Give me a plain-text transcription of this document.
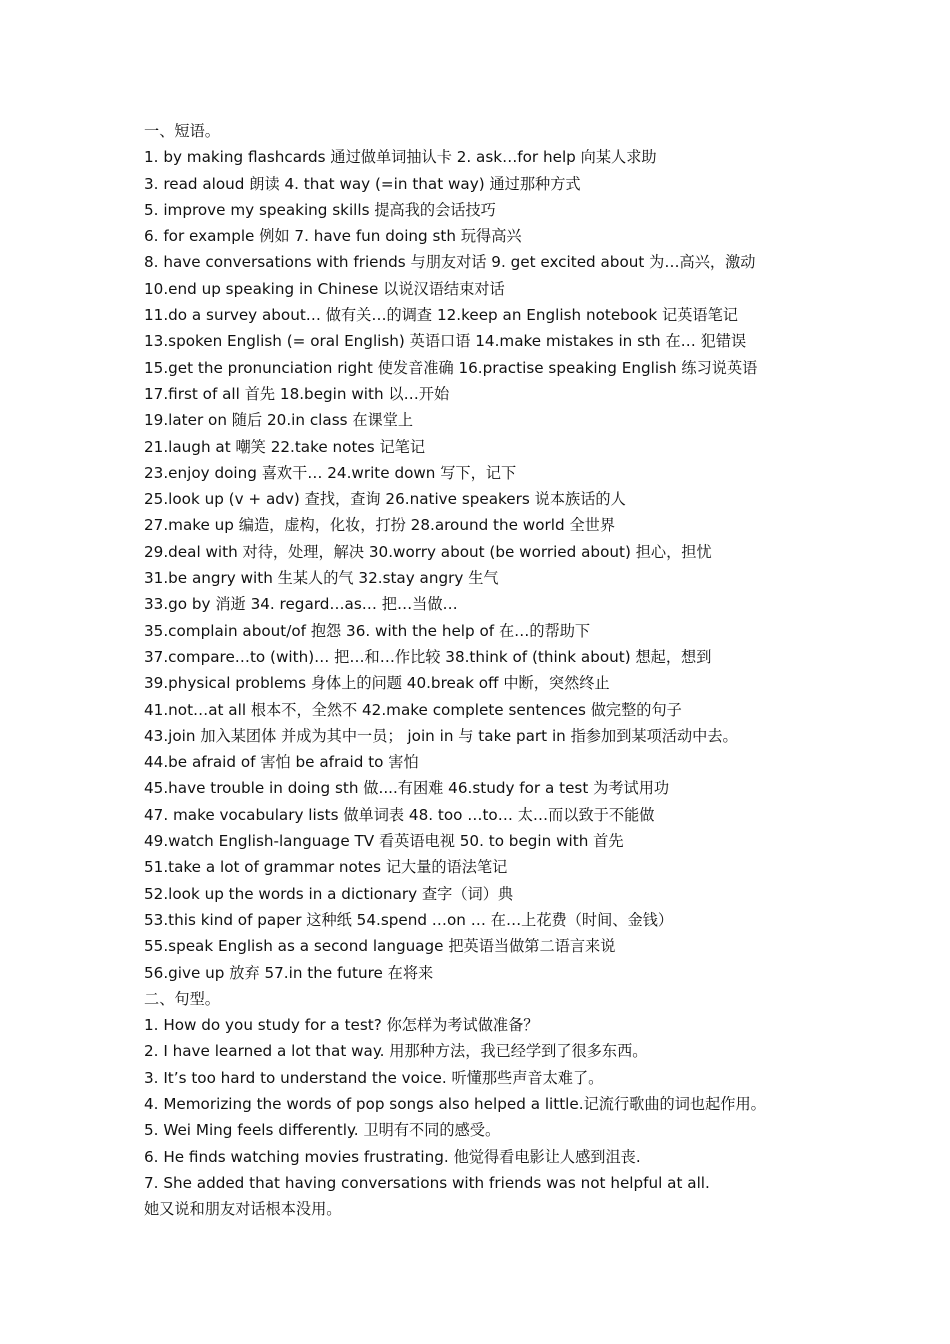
一、短语。
1. by making flashcards 通过做单词抽认卡 2. ask…for help 向某人求助
3. read aloud 朗读 4. that way (=in that way) 通过那种方式
5. improve my speaking skills 提高我的会话技巧
6. for example 例如 7. have fun doing sth 玩得高兴
8. have conversations with friends 与朋友对话 9. get excited about 为…高兴，激动
10.end up speaking in Chinese 以说汉语结束对话
11.do a survey about… 做有关…的调查 12.keep an English notebook 记英语笔记
13.spoken English (= oral English) 英语口语 14.make mistakes in sth 在… 犯错误
15.get the pronunciation right 使发音准确 16.practise speaking English 练习说英语
17.first of all 首先 18.begin with 以…开始
19.later on 随后 20.in class 在课堂上
21.laugh at 嘲笑 22.take notes 记笔记
23.enjoy doing 喜欢干… 24.write down 写下，记下
25.look up (v + adv) 查找，查询 26.native speakers 说本族话的人
27.make up 编造，虚构，化妆，打扮 28.around the world 全世界
29.deal with 对待，处理，解决 30.worry about (be worried about) 担心，担忧
31.be angry with 生某人的气 32.stay angry 生气
33.go by 消逝 34. regard…as… 把…当做…
35.complain about/of 抱怨 36. with the help of 在…的帮助下
37.compare…to (with)… 把…和…作比较 38.think of (think about) 想起，想到
39.physical problems 身体上的问题 40.break off 中断，突然终止
41.not…at all 根本不，全然不 42.make complete sentences 做完整的句子
43.join 加入某团体 并成为其中一员； join in 与 take part in 指参加到某项活动中去。
44.be afraid of 害怕 be afraid to 害怕
45.have trouble in doing sth 做....有困难 46.study for a test 为考试用功
47. make vocabulary lists 做单词表 48. too …to… 太…而以致于不能做
49.watch English-language TV 看英语电视 50. to begin with 首先
51.take a lot of grammar notes 记大量的语法笔记
52.look up the words in a dictionary 查字（词）典
53.this kind of paper 这种纸 54.spend …on … 在…上花费（时间、金钱）
55.speak English as a second language 把英语当做第二语言来说
56.give up 放弃 57.in the future 在将来
二、句型。
1. How do you study for a test? 你怎样为考试做准备？
2. I have learned a lot that way. 用那种方法，我已经学到了很多东西。
3. It’s too hard to understand the voice. 听懂那些声音太难了。
4. Memorizing the words of pop songs also helped a little.记流行歌曲的词也起作用。
5. Wei Ming feels differently. 卫明有不同的感受。
6. He finds watching movies frustrating. 他觉得看电影让人感到沮丧.
7. She added that having conversations with friends was not helpful at all.
她又说和朋友对话根本没用。
